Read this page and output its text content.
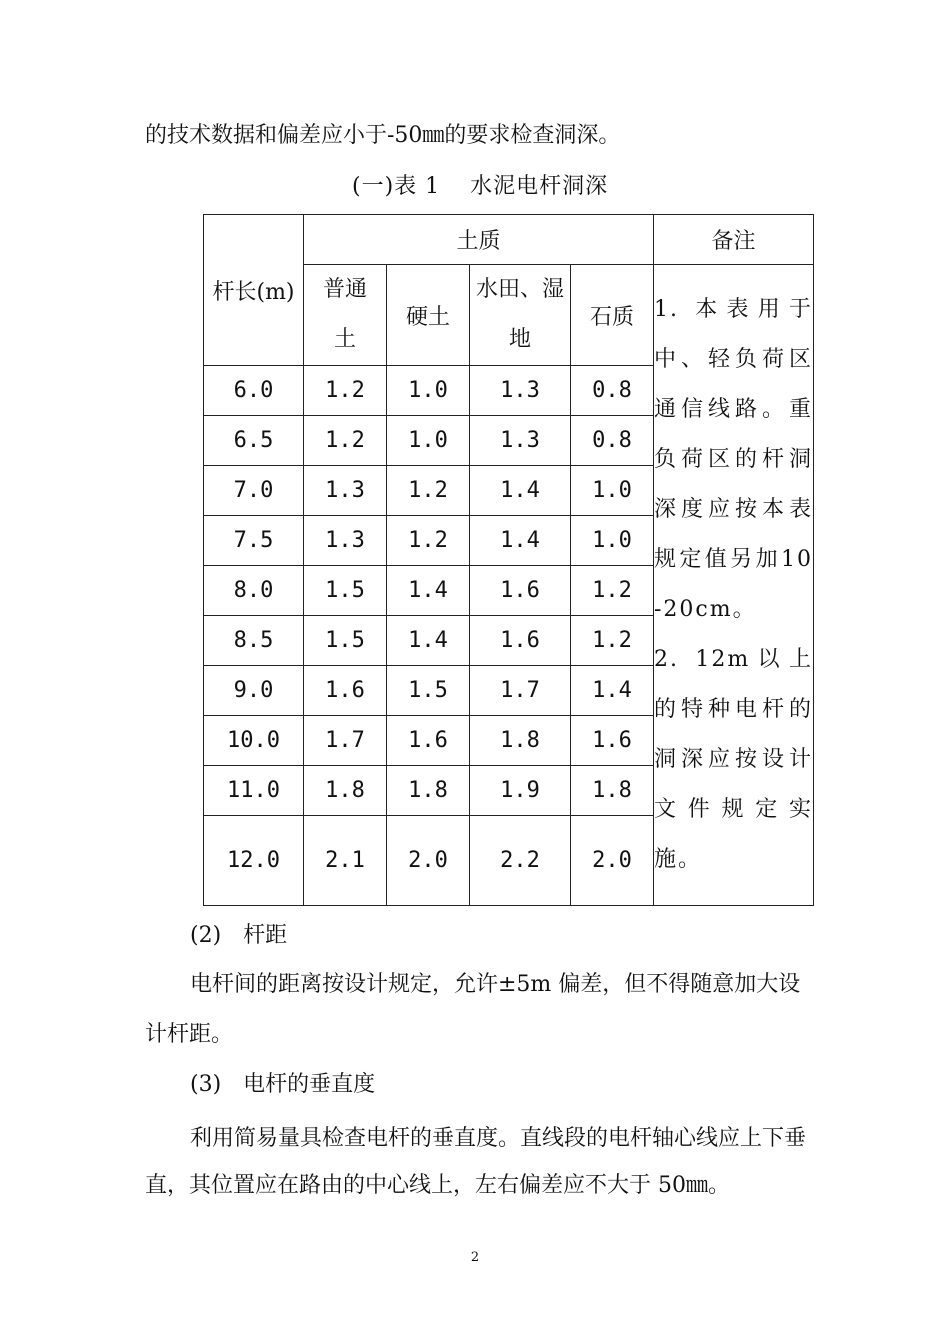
的技术数据和偏差应小于-50㎜的要求检查洞深。
(一)表 1 水泥电杆洞深
杆长(m)	土质				备注
	普通土	硬土	水田、湿地	石质	1. 本表用于中、轻负荷区通信线路。重负荷区的杆洞深度应按本表规定值另加10-20cm。
2. 12m以上的特种电杆的洞深应按设计文件规定实施。

6.0	1.2	1.0	1.3	0.8	
6.5	1.2	1.0	1.3	0.8	
7.0	1.3	1.2	1.4	1.0	
7.5	1.3	1.2	1.4	1.0	
8.0	1.5	1.4	1.6	1.2	
8.5	1.5	1.4	1.6	1.2	
9.0	1.6	1.5	1.7	1.4	
10.0	1.7	1.6	1.8	1.6	
11.0	1.8	1.8	1.9	1.8	
12.0	2.1	2.0	2.2	2.0	
(2) 杆距
电杆间的距离按设计规定，允许±5m 偏差，但不得随意加大设
计杆距。
(3) 电杆的垂直度
利用简易量具检查电杆的垂直度。直线段的电杆轴心线应上下垂
直，其位置应在路由的中心线上，左右偏差应不大于 50㎜。
2
